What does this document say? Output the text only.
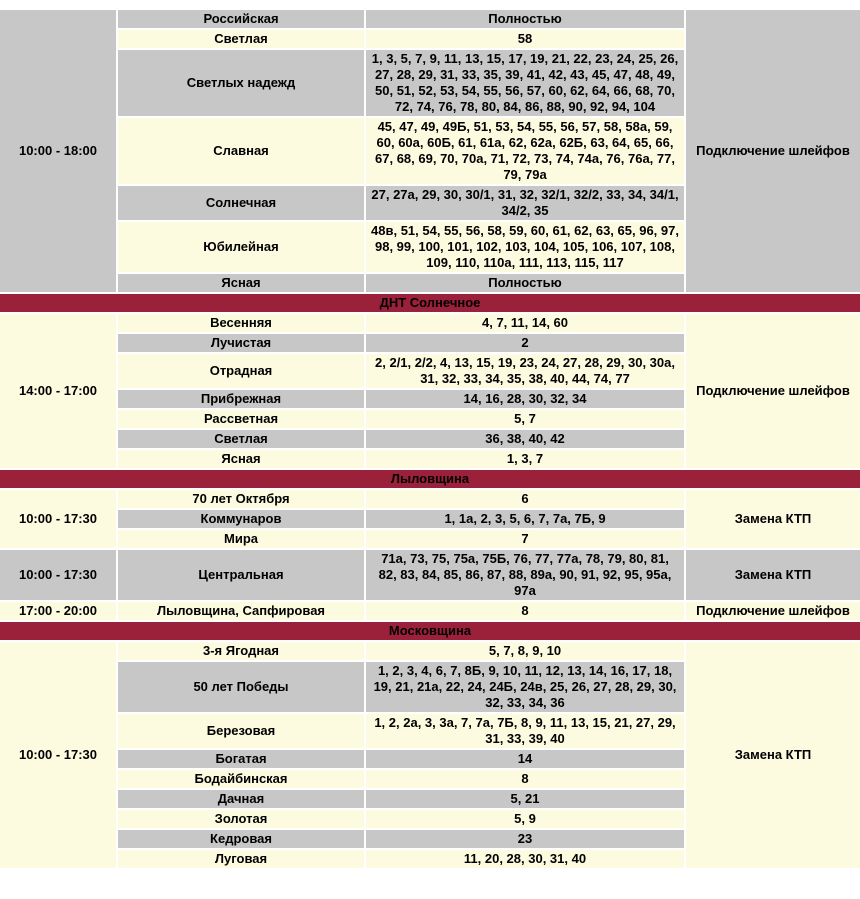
10:00 - 18:00	Российская	Полностью	Подключение шлейфов
	Светлая	58	
	Светлых надежд	1, 3, 5, 7, 9, 11, 13, 15, 17, 19, 21, 22, 23, 24, 25, 26, 27, 28, 29, 31, 33, 35, 39, 41, 42, 43, 45, 47, 48, 49, 50, 51, 52, 53, 54, 55, 56, 57, 60, 62, 64, 66, 68, 70, 72, 74, 76, 78, 80, 84, 86, 88, 90, 92, 94, 104	
	Славная	45, 47, 49, 49Б, 51, 53, 54, 55, 56, 57, 58, 58а, 59, 60, 60а, 60Б, 61, 61а, 62, 62а, 62Б, 63, 64, 65, 66, 67, 68, 69, 70, 70а, 71, 72, 73, 74, 74а, 76, 76а, 77, 79, 79а	
	Солнечная	27, 27а, 29, 30, 30/1, 31, 32, 32/1, 32/2, 33, 34, 34/1, 34/2, 35	
	Юбилейная	48в, 51, 54, 55, 56, 58, 59, 60, 61, 62, 63, 65, 96, 97, 98, 99, 100, 101, 102, 103, 104, 105, 106, 107, 108, 109, 110, 110а, 111, 113, 115, 117	
	Ясная	Полностью	
ДНТ Солнечное			
14:00 - 17:00	Весенняя	4, 7, 11, 14, 60	Подключение шлейфов
	Лучистая	2	
	Отрадная	2, 2/1, 2/2, 4, 13, 15, 19, 23, 24, 27, 28, 29, 30, 30а, 31, 32, 33, 34, 35, 38, 40, 44, 74, 77	
	Прибрежная	14, 16, 28, 30, 32, 34	
	Рассветная	5, 7	
	Светлая	36, 38, 40, 42	
	Ясная	1, 3, 7	
Лыловщина			
10:00 - 17:30	70 лет Октября	6	Замена КТП
	Коммунаров	1, 1а, 2, 3, 5, 6, 7, 7а, 7Б, 9	
	Мира	7	
10:00 - 17:30	Центральная	71а, 73, 75, 75а, 75Б, 76, 77, 77а, 78, 79, 80, 81, 82, 83, 84, 85, 86, 87, 88, 89а, 90, 91, 92, 95, 95а, 97а	Замена КТП
17:00 - 20:00	Лыловщина, Сапфировая	8	Подключение шлейфов
Московщина			
10:00 - 17:30	3-я Ягодная	5, 7, 8, 9, 10	Замена КТП
	50 лет Победы	1, 2, 3, 4, 6, 7, 8Б, 9, 10, 11, 12, 13, 14, 16, 17, 18, 19, 21, 21а, 22, 24, 24Б, 24в, 25, 26, 27, 28, 29, 30, 32, 33, 34, 36	
	Березовая	1, 2, 2а, 3, 3а, 7, 7а, 7Б, 8, 9, 11, 13, 15, 21, 27, 29, 31, 33, 39, 40	
	Богатая	14	
	Бодайбинская	8	
	Дачная	5, 21	
	Золотая	5, 9	
	Кедровая	23	
	Луговая	11, 20, 28, 30, 31, 40	
